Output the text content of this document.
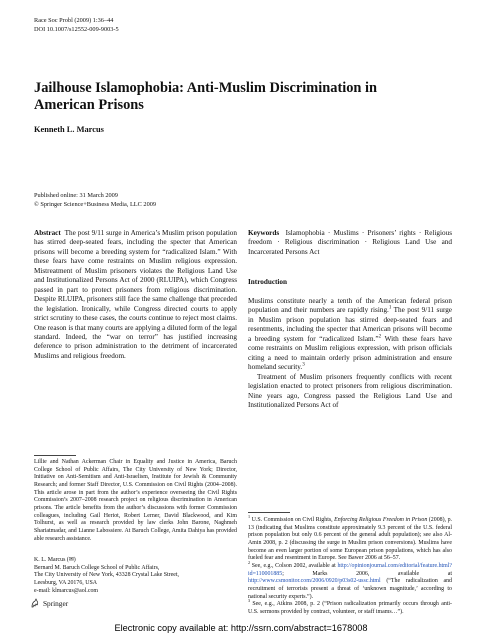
Race Soc Probl (2009) 1:36–44
DOI 10.1007/s12552-009-9003-5
Jailhouse Islamophobia: Anti-Muslim Discrimination in American Prisons
Kenneth L. Marcus
Published online: 31 March 2009
© Springer Science+Business Media, LLC 2009

Abstract The post 9/11 surge in America’s Muslim prison population has stirred deep-seated fears, including the specter that American prisons will become a breeding system for “radicalized Islam.” With these fears have come restraints on Muslim religious expression. Mistreatment of Muslim prisoners violates the Religious Land Use and Institutionalized Persons Act of 2000 (RLUIPA), which Congress passed in part to protect prisoners from religious discrimination. Despite RLUIPA, prisoners still face the same challenge that preceded the legislation. Ironically, while Congress directed courts to apply strict scrutiny to these cases, the courts continue to reject most claims. One reason is that many courts are applying a diluted form of the legal standard. Indeed, the “war on terror” has justified increasing deference to prison administration to the detriment of incarcerated Muslims and religious freedom.

Keywords Islamophobia · Muslims · Prisoners’ rights · Religious freedom · Religious discrimination · Religious Land Use and Incarcerated Persons Act

Introduction

Muslims constitute nearly a tenth of the American federal prison population and their numbers are rapidly rising.$^1$ The post 9/11 surge in Muslim prison population has stirred deep-seated fears and resentments, including the specter that American prisons will become a breeding system for “radicalized Islam.”$^2$ With these fears have come restraints on Muslim religious expression, with prison officials citing a need to maintain orderly prison administration and ensure homeland security.$^3$

Treatment of Muslim prisoners frequently conflicts with recent legislation enacted to protect prisoners from religious discrimination. Nine years ago, Congress passed the Religious Land Use and Institutionalized Persons Act of

Lillie and Nathan Ackerman Chair in Equality and Justice in America, Baruch College School of Public Affairs, The City University of New York; Director, Initiative on Anti-Semitism and Anti-Israelism, Institute for Jewish & Community Research; and former Staff Director, U.S. Commission on Civil Rights (2004–2008). This article arose in part from the author’s experience overseeing the Civil Rights Commission’s 2007–2008 research project on religious discrimination in American prisons. The article benefits from the author’s discussions with former Commission colleagues, including Gail Heriot, Robert Lerner, David Blackwood, and Kim Tolhurst, as well as research provided by law clerks John Barone, Naghmeh Shariatmadar, and Lianne Labossiere. At Baruch College, Amita Dahiya has provided able research assistance.
K. L. Marcus (✉)
Bernard M. Baruch College School of Public Affairs,
The City University of New York, 43328 Crystal Lake Street,
Leesburg, VA 20176, USA
e-mail: klmarcus@aol.com

$^1$ U.S. Commission on Civil Rights, Enforcing Religious Freedom in Prison (2008), p. 13 (indicating that Muslims constitute approximately 9.3 percent of the U.S. federal prison population but only 0.6 percent of the general adult population); see also Al-Amin 2008, p. 2 (discussing the surge in Muslim prison conversions). Muslims have become an even larger portion of some European prison populations, which has also fueled fear and resentment in Europe. See Bawer 2006 at 56–57.

$^2$ See, e.g., Colson 2002, available at http://opinionjournal.com/editorial/feature.html?id=110001885; Marks 2006, available at http://www.csmonitor.com/2006/0920/p03s02-ussc.html (“The radicalization and recruitment of terrorists present a threat of ‘unknown magnitude,’ according to national security experts.”).

$^3$ See, e.g., Atkins 2008, p. 2 (“Prison radicalization primarily occurs through anti-U.S. sermons provided by contract, volunteer, or staff imams…”).

Springer
Electronic copy available at: http://ssrn.com/abstract=1678008
